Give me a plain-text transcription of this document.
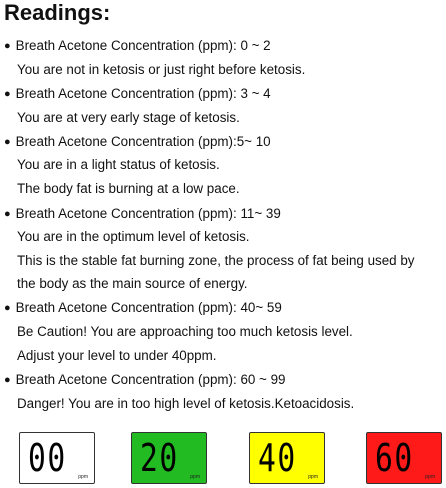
Readings:
● Breath Acetone Concentration (ppm): 0 ~ 2
You are not in ketosis or just right before ketosis.
● Breath Acetone Concentration (ppm): 3 ~ 4
You are at very early stage of ketosis.
● Breath Acetone Concentration (ppm):5~ 10
You are in a light status of ketosis.
The body fat is burning at a low pace.
● Breath Acetone Concentration (ppm): 11~ 39
You are in the optimum level of ketosis.
This is the stable fat burning zone, the process of fat being used by
the body as the main source of energy.
● Breath Acetone Concentration (ppm): 40~ 59
Be Caution! You are approaching too much ketosis level.
Adjust your level to under 40ppm.
● Breath Acetone Concentration (ppm): 60 ~ 99
Danger! You are in too high level of ketosis.Ketoacidosis.
00 ppm 20 ppm 40 ppm 60 ppm
